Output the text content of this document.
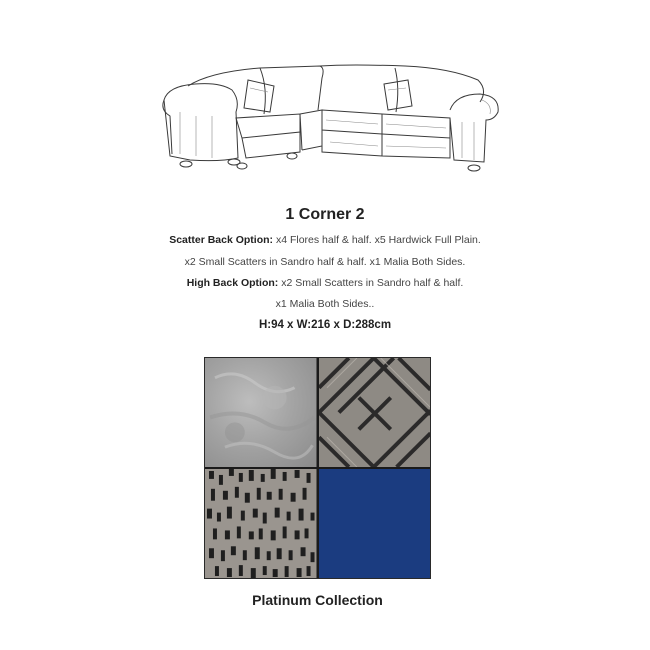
1 Corner 2
Scatter Back Option: x4 Flores half & half. x5 Hardwick Full Plain.
x2 Small Scatters in Sandro half & half. x1 Malia Both Sides.
High Back Option: x2 Small Scatters in Sandro half & half.
x1 Malia Both Sides..
H:94 x W:216 x D:288cm
Platinum Collection
